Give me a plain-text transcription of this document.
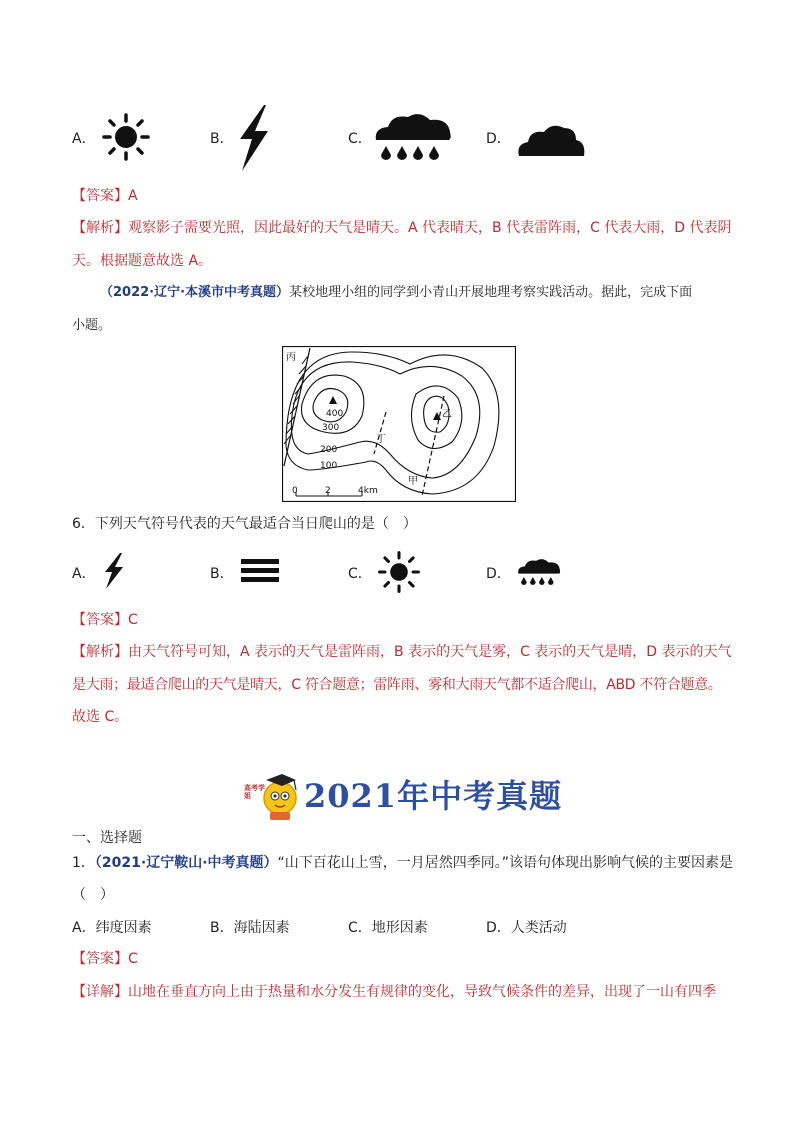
A．	B．	C．	D．
【答案】A
【解析】观察影子需要光照，因此最好的天气是晴天。A 代表晴天，B 代表雷阵雨，C 代表大雨，D 代表阴
天。根据题意故选 A。
（2022·辽宁·本溪市中考真题）某校地理小组的同学到小青山开展地理考察实践活动。据此，完成下面
小题。
丙
乙
丁
甲
400
300
200
100
0	2	4km
6．下列天气符号代表的天气最适合当日爬山的是（　）
A．	B．	C．	D．
【答案】C
【解析】由天气符号可知，A 表示的天气是雷阵雨，B 表示的天气是雾，C 表示的天气是晴，D 表示的天气
是大雨；最适合爬山的天气是晴天，C 符合题意；雷阵雨、雾和大雨天气都不适合爬山，ABD 不符合题意。
故选 C。
高考学姐	2021年中考真题
一、选择题
1．（2021·辽宁鞍山·中考真题）“山下百花山上雪，一月居然四季同。”该语句体现出影响气候的主要因素是
（　）
A．纬度因素	B．海陆因素	C．地形因素	D．人类活动
【答案】C
【详解】山地在垂直方向上由于热量和水分发生有规律的变化，导致气候条件的差异，出现了一山有四季
